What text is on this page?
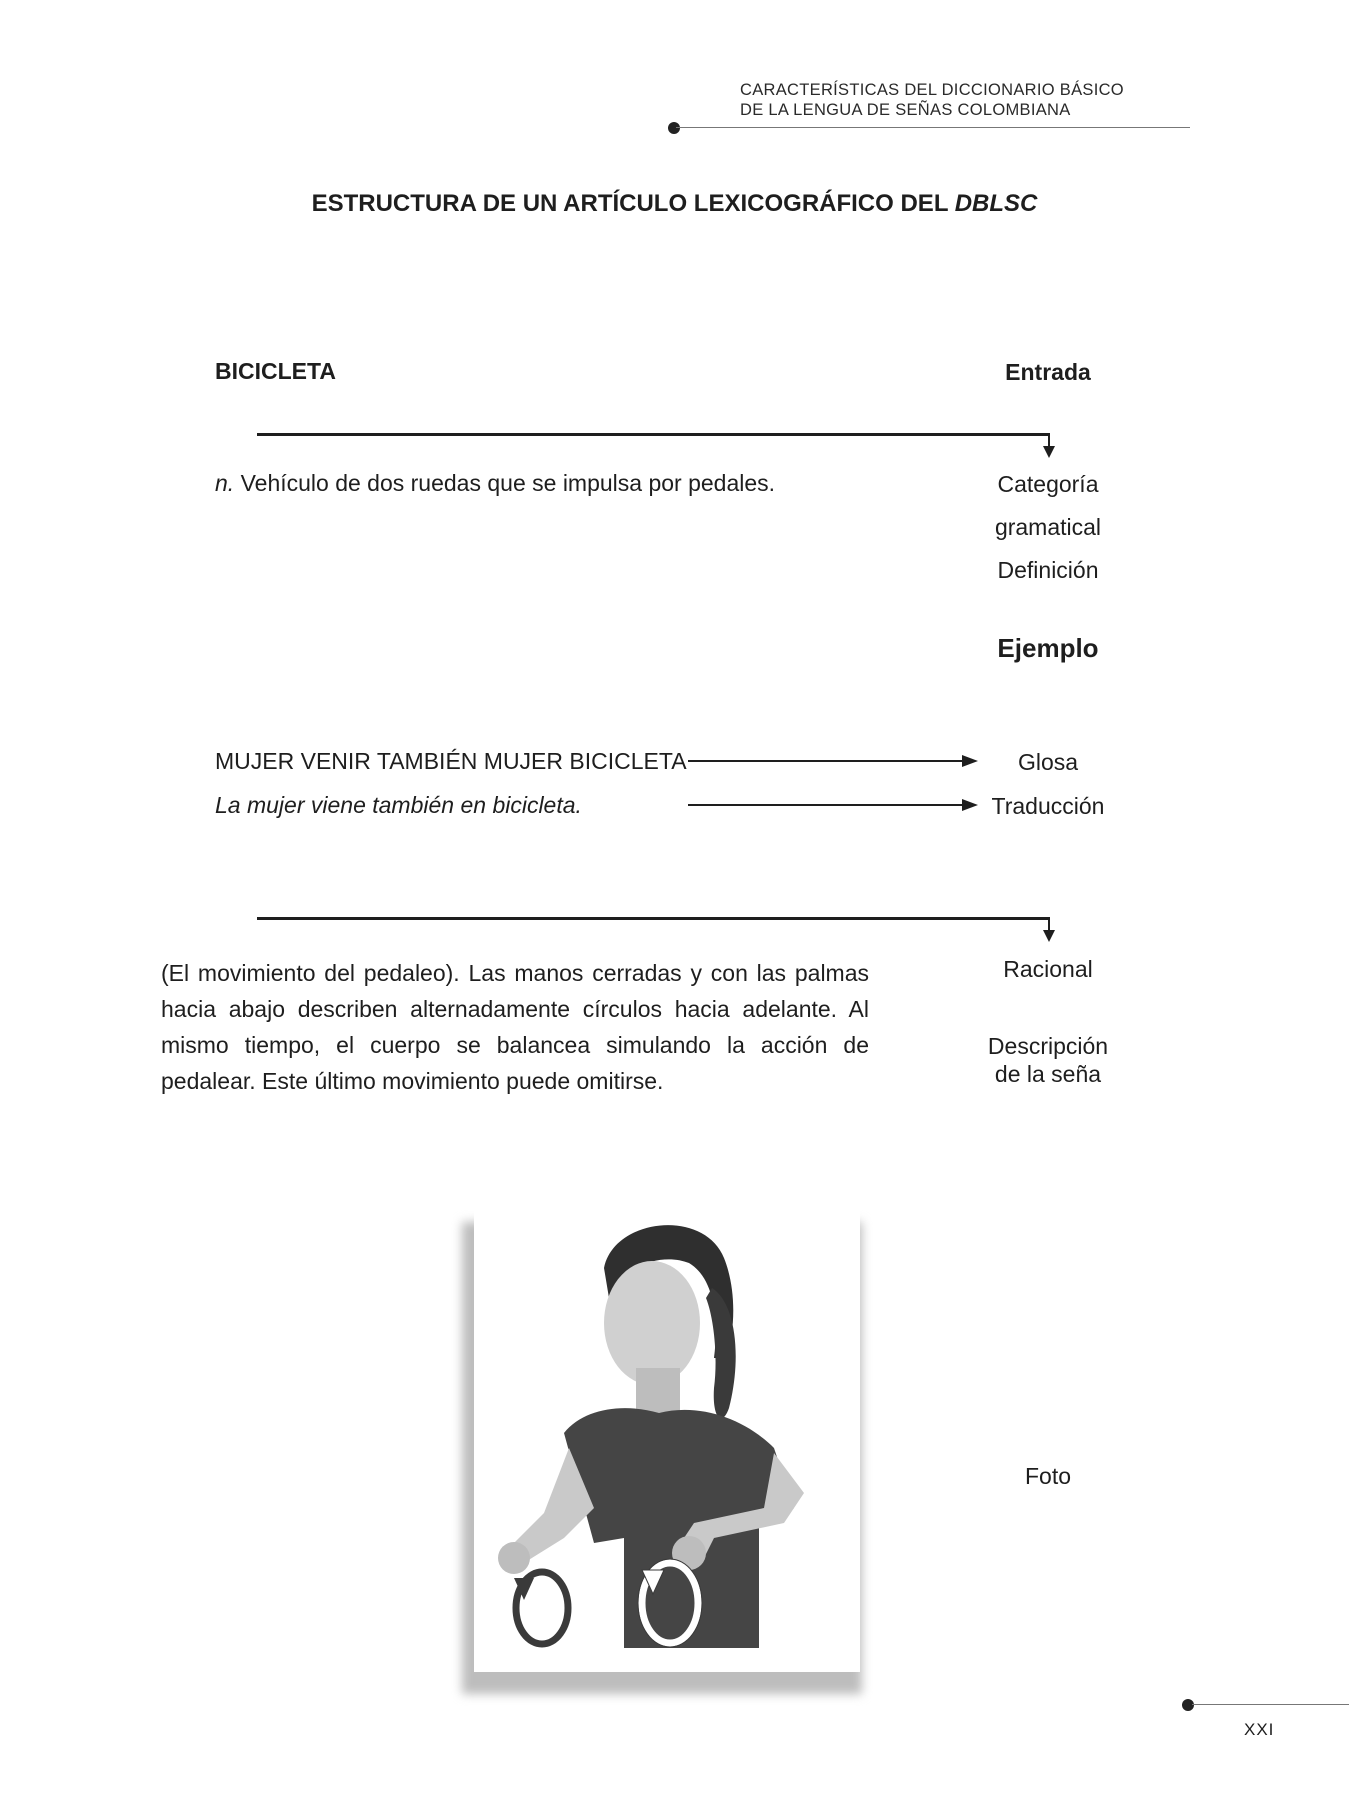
CARACTERÍSTICAS DEL DICCIONARIO BÁSICO
DE LA LENGUA DE SEÑAS COLOMBIANA
ESTRUCTURA DE UN ARTÍCULO LEXICOGRÁFICO DEL DBLSC
BICICLETA	Entrada
n. Vehículo de dos ruedas que se impulsa por pedales.	Categoría
gramatical
Definición
Ejemplo
MUJER VENIR TAMBIÉN MUJER BICICLETA	Glosa
La mujer viene también en bicicleta.	Traducción
(El movimiento del pedaleo). Las manos cerradas y con las palmas hacia abajo describen alternadamente círculos hacia adelante. Al mismo tiempo, el cuerpo se balancea simulando la acción de pedalear. Este último movimiento puede omitirse.
Racional
Descripción
de la seña
Foto
XXI
